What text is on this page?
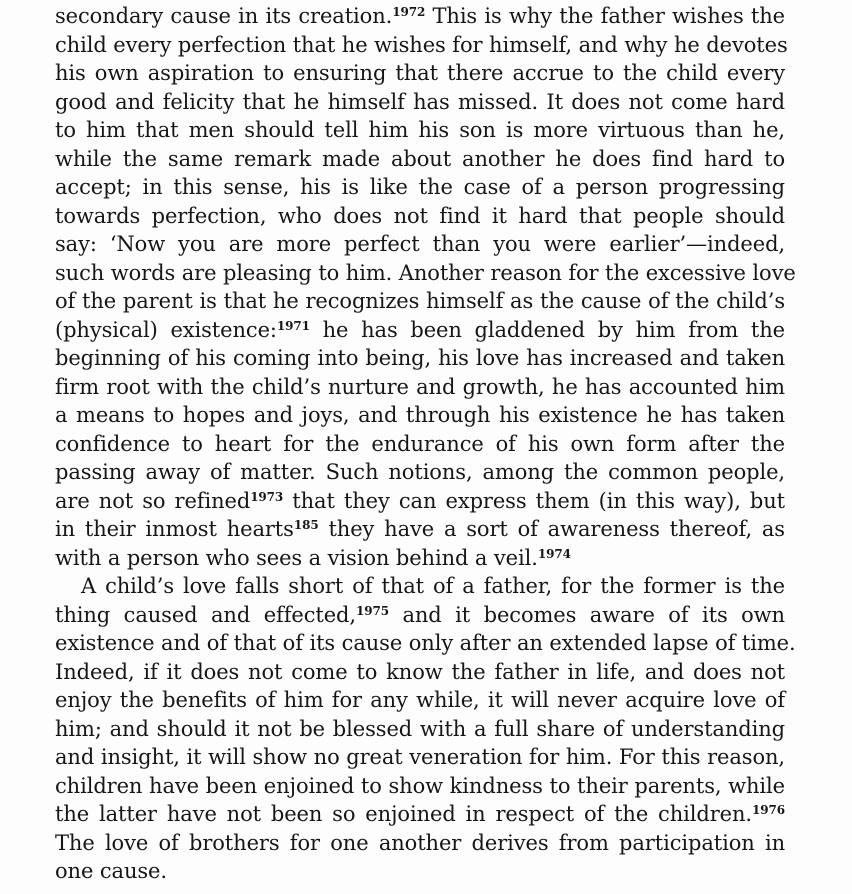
secondary cause in its creation.$^{1972}$ This is why the father wishes the
child every perfection that he wishes for himself, and why he devotes
his own aspiration to ensuring that there accrue to the child every
good and felicity that he himself has missed. It does not come hard
to him that men should tell him his son is more virtuous than he,
while the same remark made about another he does find hard to
accept; in this sense, his is like the case of a person progressing
towards perfection, who does not find it hard that people should
say: ‘Now you are more perfect than you were earlier’—indeed,
such words are pleasing to him. Another reason for the excessive love
of the parent is that he recognizes himself as the cause of the child’s
(physical) existence:$^{1971}$ he has been gladdened by him from the
beginning of his coming into being, his love has increased and taken
firm root with the child’s nurture and growth, he has accounted him
a means to hopes and joys, and through his existence he has taken
confidence to heart for the endurance of his own form after the
passing away of matter. Such notions, among the common people,
are not so refined$^{1973}$ that they can express them (in this way), but
in their inmost hearts$^{185}$ they have a sort of awareness thereof, as
with a person who sees a vision behind a veil.$^{1974}$
A child’s love falls short of that of a father, for the former is the
thing caused and effected,$^{1975}$ and it becomes aware of its own
existence and of that of its cause only after an extended lapse of time.
Indeed, if it does not come to know the father in life, and does not
enjoy the benefits of him for any while, it will never acquire love of
him; and should it not be blessed with a full share of understanding
and insight, it will show no great veneration for him. For this reason,
children have been enjoined to show kindness to their parents, while
the latter have not been so enjoined in respect of the children.$^{1976}$
The love of brothers for one another derives from participation in
one cause.
